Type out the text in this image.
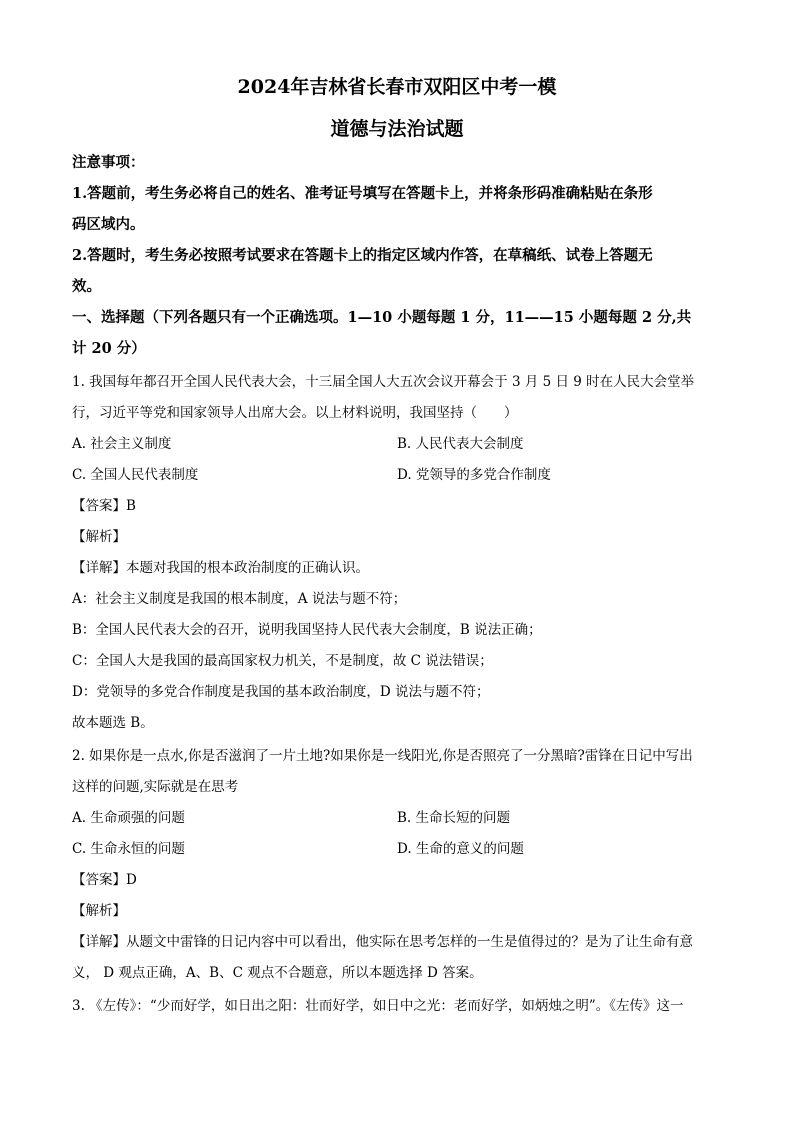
2024年吉林省长春市双阳区中考一模
道德与法治试题
注意事项：
1.答题前，考生务必将自己的姓名、准考证号填写在答题卡上，并将条形码准确粘贴在条形
码区域内。
2.答题时，考生务必按照考试要求在答题卡上的指定区域内作答，在草稿纸、试卷上答题无
效。
一、选择题（下列各题只有一个正确选项。1—10 小题每题 1 分，11——15 小题每题 2 分,共
计 20 分）
1. 我国每年都召开全国人民代表大会，十三届全国人大五次会议开幕会于 3 月 5 日 9 时在人民大会堂举
行，习近平等党和国家领导人出席大会。以上材料说明，我国坚持（　　）
A. 社会主义制度	B. 人民代表大会制度
C. 全国人民代表制度	D. 党领导的多党合作制度
【答案】B
【解析】
【详解】本题对我国的根本政治制度的正确认识。
A：社会主义制度是我国的根本制度，A 说法与题不符；
B：全国人民代表大会的召开，说明我国坚持人民代表大会制度，B 说法正确；
C：全国人大是我国的最高国家权力机关，不是制度，故 C 说法错误；
D：党领导的多党合作制度是我国的基本政治制度，D 说法与题不符；
故本题选 B。
2. 如果你是一点水,你是否滋润了一片土地?如果你是一线阳光,你是否照亮了一分黑暗?雷锋在日记中写出
这样的问题,实际就是在思考
A. 生命顽强的问题	B. 生命长短的问题
C. 生命永恒的问题	D. 生命的意义的问题
【答案】D
【解析】
【详解】从题文中雷锋的日记内容中可以看出，他实际在思考怎样的一生是值得过的？是为了让生命有意
义， D 观点正确，A、B、C 观点不合题意，所以本题选择 D 答案。
3. 《左传》：“少而好学，如日出之阳：壮而好学，如日中之光：老而好学，如炳烛之明”。《左传》这一
